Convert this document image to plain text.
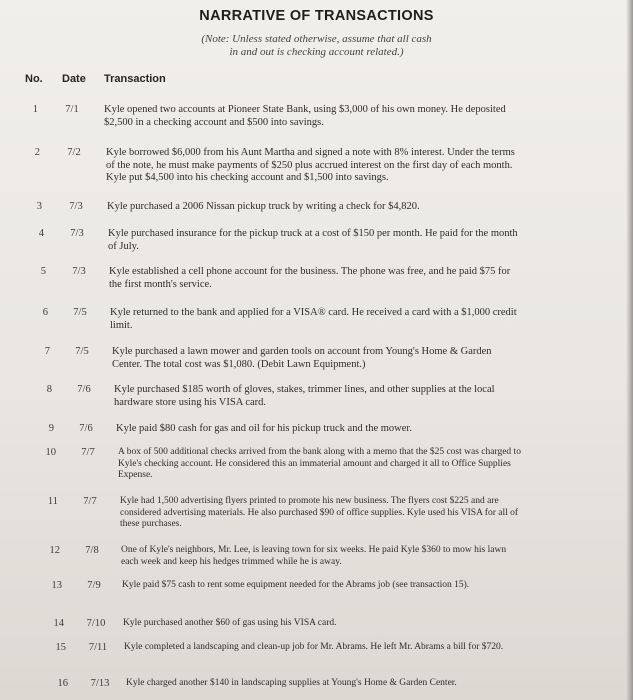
NARRATIVE OF TRANSACTIONS
(Note: Unless stated otherwise, assume that all cash
in and out is checking account related.)
No. Date Transaction
1	7/1	Kyle opened two accounts at Pioneer State Bank, using $3,000 of his own money. He deposited $2,500 in a checking account and $500 into savings.
2	7/2	Kyle borrowed $6,000 from his Aunt Martha and signed a note with 8% interest. Under the terms of the note, he must make payments of $250 plus accrued interest on the first day of each month. Kyle put $4,500 into his checking account and $1,500 into savings.
3	7/3	Kyle purchased a 2006 Nissan pickup truck by writing a check for $4,820.
4	7/3	Kyle purchased insurance for the pickup truck at a cost of $150 per month. He paid for the month of July.
5	7/3	Kyle established a cell phone account for the business. The phone was free, and he paid $75 for the first month's service.
6	7/5	Kyle returned to the bank and applied for a VISA® card. He received a card with a $1,000 credit limit.
7	7/5	Kyle purchased a lawn mower and garden tools on account from Young's Home & Garden Center. The total cost was $1,080. (Debit Lawn Equipment.)
8	7/6	Kyle purchased $185 worth of gloves, stakes, trimmer lines, and other supplies at the local hardware store using his VISA card.
9	7/6	Kyle paid $80 cash for gas and oil for his pickup truck and the mower.
10	7/7	A box of 500 additional checks arrived from the bank along with a memo that the $25 cost was charged to Kyle's checking account. He considered this an immaterial amount and charged it all to Office Supplies Expense.
11	7/7	Kyle had 1,500 advertising flyers printed to promote his new business. The flyers cost $225 and are considered advertising materials. He also purchased $90 of office supplies. Kyle used his VISA for all of these purchases.
12	7/8	One of Kyle's neighbors, Mr. Lee, is leaving town for six weeks. He paid Kyle $360 to mow his lawn each week and keep his hedges trimmed while he is away.
13	7/9	Kyle paid $75 cash to rent some equipment needed for the Abrams job (see transaction 15).
14	7/10	Kyle purchased another $60 of gas using his VISA card.
15	7/11	Kyle completed a landscaping and clean-up job for Mr. Abrams. He left Mr. Abrams a bill for $720.
16	7/13	Kyle charged another $140 in landscaping supplies at Young's Home & Garden Center.
